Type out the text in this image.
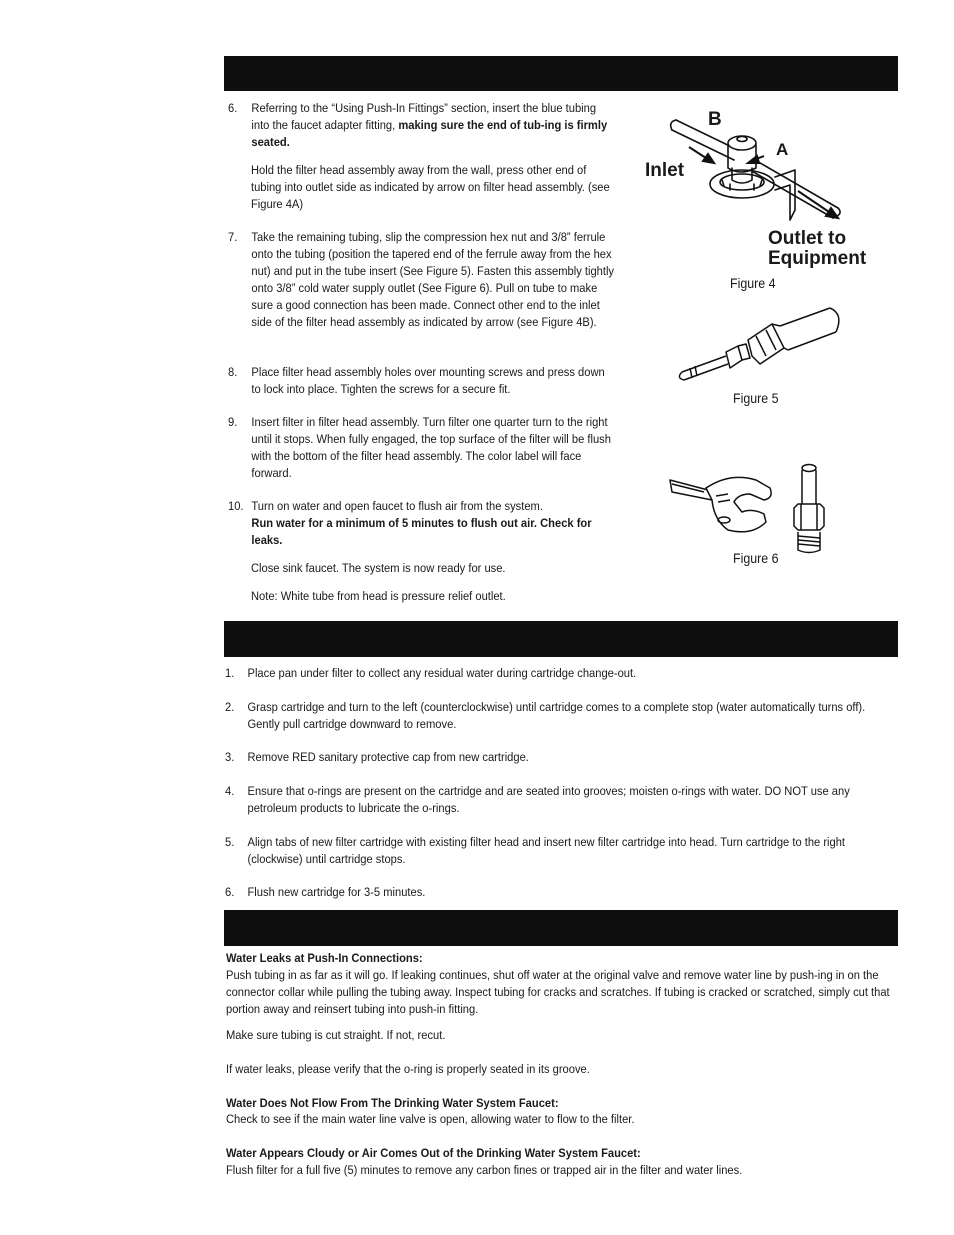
6. Referring to the “Using Push-In Fittings” section, insert the blue tubing into the faucet adapter fitting, making sure the end of tub-ing is firmly seated.
Hold the filter head assembly away from the wall, press other end of tubing into outlet side as indicated by arrow on filter head assembly. (see Figure 4A)
7. Take the remaining tubing, slip the compression hex nut and 3/8” ferrule onto the tubing (position the tapered end of the ferrule away from the hex nut) and put in the tube insert (See Figure 5). Fasten this assembly tightly onto 3/8” cold water supply outlet (See Figure 6). Pull on tube to make sure a good connection has been made. Connect other end to the inlet side of the filter head assembly as indicated by arrow (see Figure 4B).
8. Place filter head assembly holes over mounting screws and press down to lock into place. Tighten the screws for a secure fit.
9. Insert filter in filter head assembly. Turn filter one quarter turn to the right until it stops. When fully engaged, the top surface of the filter will be flush with the bottom of the filter head assembly. The color label will face forward.
10. Turn on water and open faucet to flush air from the system.
Run water for a minimum of 5 minutes to flush out air. Check for leaks.
Close sink faucet. The system is now ready for use.
Note: White tube from head is pressure relief outlet.
B
A
Inlet
Outlet to
Equipment
Figure 4
Figure 5
Figure 6
1. Place pan under filter to collect any residual water during cartridge change-out.
2. Grasp cartridge and turn to the left (counterclockwise) until cartridge comes to a complete stop (water automatically turns off). Gently pull cartridge downward to remove.
3. Remove RED sanitary protective cap from new cartridge.
4. Ensure that o-rings are present on the cartridge and are seated into grooves; moisten o-rings with water. DO NOT use any petroleum products to lubricate the o-rings.
5. Align tabs of new filter cartridge with existing filter head and insert new filter cartridge into head. Turn cartridge to the right (clockwise) until cartridge stops.
6. Flush new cartridge for 3-5 minutes.
Water Leaks at Push-In Connections:
Push tubing in as far as it will go. If leaking continues, shut off water at the original valve and remove water line by push-ing in on the connector collar while pulling the tubing away. Inspect tubing for cracks and scratches. If tubing is cracked or scratched, simply cut that portion away and reinsert tubing into push-in fitting.
Make sure tubing is cut straight. If not, recut.
If water leaks, please verify that the o-ring is properly seated in its groove.
Water Does Not Flow From The Drinking Water System Faucet:
Check to see if the main water line valve is open, allowing water to flow to the filter.
Water Appears Cloudy or Air Comes Out of the Drinking Water System Faucet:
Flush filter for a full five (5) minutes to remove any carbon fines or trapped air in the filter and water lines.
